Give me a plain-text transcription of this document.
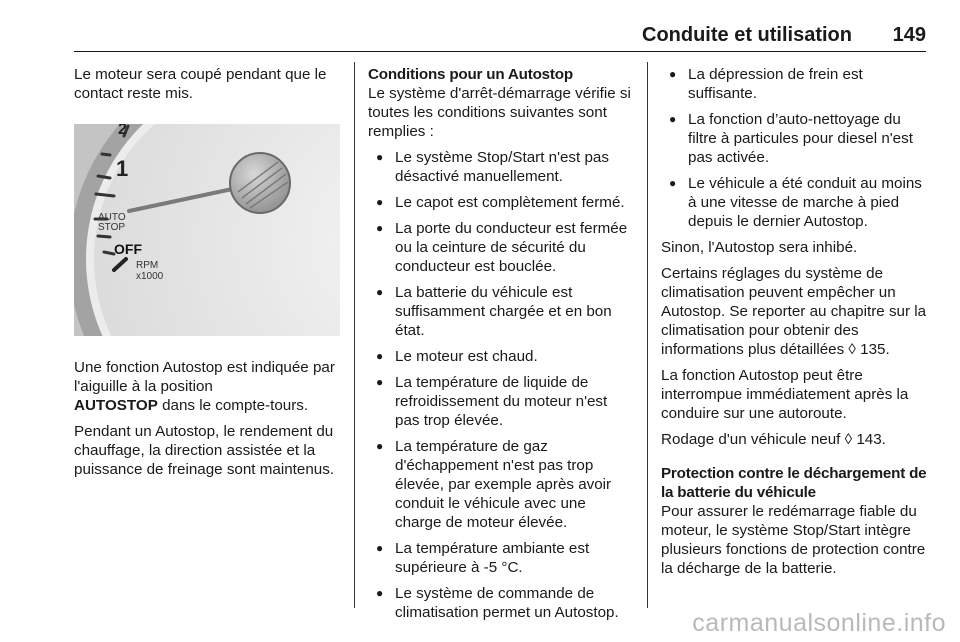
Conduite et utilisation 149

Le moteur sera coupé pendant que le contact reste mis.

2
1
AUTO
STOP
OFF
RPM
x1000

Une fonction Autostop est indiquée par l'aiguille à la position
AUTOSTOP dans le compte-tours.

Pendant un Autostop, le rendement du chauffage, la direction assistée et la puissance de freinage sont maintenus.

Conditions pour un Autostop

Le système d'arrêt-démarrage vérifie si toutes les conditions suivantes sont remplies :

● Le système Stop/Start n'est pas désactivé manuellement.
● Le capot est complètement fermé.
● La porte du conducteur est fermée ou la ceinture de sécurité du conducteur est bouclée.
● La batterie du véhicule est suffisamment chargée et en bon état.
● Le moteur est chaud.
● La température de liquide de refroidissement du moteur n'est pas trop élevée.
● La température de gaz d'échappement n'est pas trop élevée, par exemple après avoir conduit le véhicule avec une charge de moteur élevée.
● La température ambiante est supérieure à -5 °C.
● Le système de commande de climatisation permet un Autostop.
● La dépression de frein est suffisante.
● La fonction d’auto-nettoyage du filtre à particules pour diesel n'est pas activée.
● Le véhicule a été conduit au moins à une vitesse de marche à pied depuis le dernier Autostop.

Sinon, l'Autostop sera inhibé.

Certains réglages du système de climatisation peuvent empêcher un Autostop. Se reporter au chapitre sur la climatisation pour obtenir des informations plus détaillées ◊ 135.

La fonction Autostop peut être interrompue immédiatement après la conduire sur une autoroute.

Rodage d'un véhicule neuf ◊ 143.

Protection contre le déchargement de la batterie du véhicule

Pour assurer le redémarrage fiable du moteur, le système Stop/Start intègre plusieurs fonctions de protection contre la décharge de la batterie.

carmanualsonline.info
